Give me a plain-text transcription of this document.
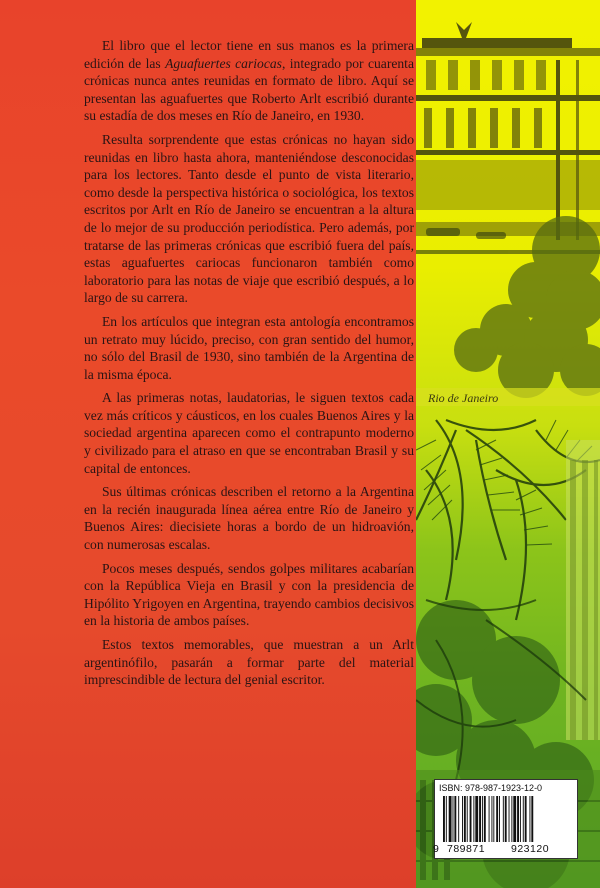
El libro que el lector tiene en sus manos es la primera edición de las Aguafuertes cariocas, integrado por cuarenta crónicas nunca antes reunidas en formato de libro. Aquí se presentan las aguafuertes que Roberto Arlt escribió durante su estadía de dos meses en Río de Janeiro, en 1930.

Resulta sorprendente que estas crónicas no hayan sido reunidas en libro hasta ahora, manteniéndose desconocidas para los lectores. Tanto desde el punto de vista literario, como desde la perspectiva histórica o sociológica, los textos escritos por Arlt en Río de Janeiro se encuentran a la altura de lo mejor de su producción periodística. Pero además, por tratarse de las primeras crónicas que escribió fuera del país, estas aguafuertes cariocas funcionaron también como laboratorio para las notas de viaje que escribió después, a lo largo de su carrera.

En los artículos que integran esta antología encontramos un retrato muy lúcido, preciso, con gran sentido del humor, no sólo del Brasil de 1930, sino también de la Argentina de la misma época.

A las primeras notas, laudatorias, le siguen textos cada vez más críticos y cáusticos, en los cuales Buenos Aires y la sociedad argentina aparecen como el contrapunto moderno y civilizado para el atraso en que se encontraban Brasil y su capital de entonces.

Sus últimas crónicas describen el retorno a la Argentina en la recién inaugurada línea aérea entre Río de Janeiro y Buenos Aires: diecisiete horas a bordo de un hidroavión, con numerosas escalas.

Pocos meses después, sendos golpes militares acabarían con la República Vieja en Brasil y con la presidencia de Hipólito Yrigoyen en Argentina, trayendo cambios decisivos en la historia de ambos países.

Estos textos memorables, que muestran a un Arlt argentinófilo, pasarán a formar parte del material imprescindible de lectura del genial escritor.

Rio de Janeiro
ISBN: 978-987-1923-12-0
9 789871 923120
